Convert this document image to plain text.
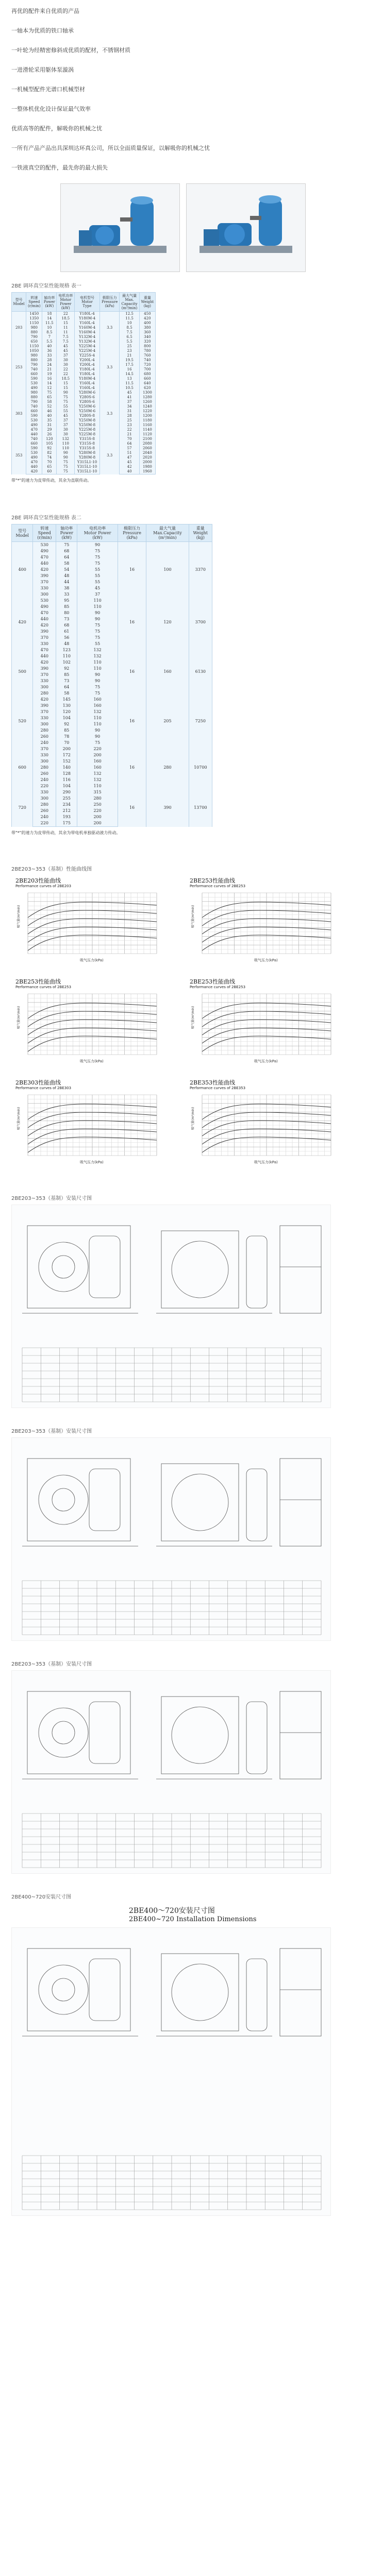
再优的配件来自优质的产品

一轴本为优质的铁口轴承

一叶轮为经精密修斜成优质的配材，不锈钢材质

一进滑轮采用躯体泵漩涡

一机械型配件光谱口机械型材

一整体机优化设计保证最气效率

优质高等的配件，解吸你的机械之忧

一所有产品产品出具深圳达环真公司，所以全面质量保证，以解吸你的机械之忧

一铁液真空的配件，最先你的最大损失

2BE 调环真空泵性能规格 表一
型号
Model	转速
Speed
(r/min)	轴功率
Power
(kW)	电机功率
Motor
Power
(kW)	电机型号
Motor
Type	极限压力
Pressure
(kPa)	最大气量
Max.
Capacity
(m³/min)	重量
Weight
(kg)
203	1450	18	22	Y180L-4	3.3	12.5	450
	1350	14	18.5	Y180M-4		11.5	420
	1150	11.5	15	Y160L-4		10	400
	980	10	11	Y160M-4		8.5	380
	880	8.5	11	Y160M-4		7.5	360
	790	7	7.5	Y132M-4		6.5	340
	650	5.5	7.5	Y132M-4		5.5	320
253	1150	40	45	Y225M-4	3.3	25	800
	1050	36	45	Y225M-4		23	780
	980	33	37	Y225S-4		21	760
	880	28	30	Y200L-4		19.5	740
	790	24	30	Y200L-4		17.5	720
	740	21	22	Y180L-4		16	700
	660	19	22	Y180L-4		14.5	680
	590	16	18.5	Y180M-4		13	660
	530	14	15	Y160L-4		11.5	640
	490	12	15	Y160L-4		10.5	620
303	980	75	90	Y280M-6	3.3	45	1300
	880	65	75	Y280S-6		41	1280
	790	58	75	Y280S-6		37	1260
	740	52	55	Y250M-6		34	1240
	660	46	55	Y250M-6		31	1220
	590	40	45	Y280S-8		28	1200
	530	35	37	Y250M-8		25	1180
	490	31	37	Y250M-8		23	1160
	470	29	30	Y225M-8		22	1140
	440	26	30	Y225M-8		21	1120
353	740	120	132	Y315S-8	3.3	70	2100
	660	105	110	Y315S-8		64	2080
	590	92	110	Y315S-8		57	2060
	530	82	90	Y280M-8		51	2040
	490	74	90	Y280M-8		47	2020
	470	70	75	Y315L1-10		45	2000
	440	65	75	Y315L1-10		42	1980
	420	60	75	Y315L1-10		40	1960
带"*"的速力为皮带传动，其余为直联传动。
2BE 调环真空泵性能规格 表二
型号
Model	转速
Speed
(r/min)	轴功率
Power
(kW)	电机功率
Motor Power
(kW)	极限压力
Pressure
(kPa)	最大气量
Max.Capacity
(m³/min)	重量
Weight
(kg)
400	530	75	90	16	100	3370
	490	68	75			
	470	64	75			
	440	58	75			
	420	54	55			
	390	48	55			
	370	44	55			
	330	38	45			
	300	33	37			
420	530	95	110	16	120	3700
	490	85	110			
	470	80	90			
	440	73	90			
	420	68	75			
	390	61	75			
	370	56	75			
	330	48	55			
500	470	123	132	16	160	6130
	440	110	132			
	420	102	110			
	390	92	110			
	370	85	90			
	330	73	90			
	300	64	75			
	280	58	75			
520	420	145	160	16	205	7250
	390	130	160			
	370	120	132			
	330	104	110			
	300	92	110			
	280	85	90			
	260	78	90			
	240	70	75			
600	370	200	220	16	280	10700
	330	172	200			
	300	152	160			
	280	140	160			
	260	128	132			
	240	116	132			
	220	104	110			
720	330	290	315	16	390	13700
	300	255	280			
	280	234	250			
	260	212	220			
	240	193	200			
	220	175	200			
带"*"的速力为皮带传动，其余为带电机单独驱动液力传动。
2BE203~353（基制）性能曲线图
2BE203性能曲线
Performance curves of 2BE203
吸气压力(kPa)
吸气量(m³/min)
2BE253性能曲线
Performance curves of 2BE253
吸气压力(kPa)
吸气量(m³/min)
2BE253性能曲线
Performance curves of 2BE253
吸气压力(kPa)
吸气量(m³/min)
2BE253性能曲线
Performance curves of 2BE253
吸气压力(kPa)
吸气量(m³/min)
2BE303性能曲线
Performance curves of 2BE303
吸气压力(kPa)
吸气量(m³/min)
2BE353性能曲线
Performance curves of 2BE353
吸气压力(kPa)
吸气量(m³/min)
2BE203~353（基制）安装尺寸图
2BE203~353（基制）安装尺寸图
2BE203~353（基制）安装尺寸图
2BE400~720安装尺寸图
2BE400～720安装尺寸图
2BE400~720 Installation Dimensions
